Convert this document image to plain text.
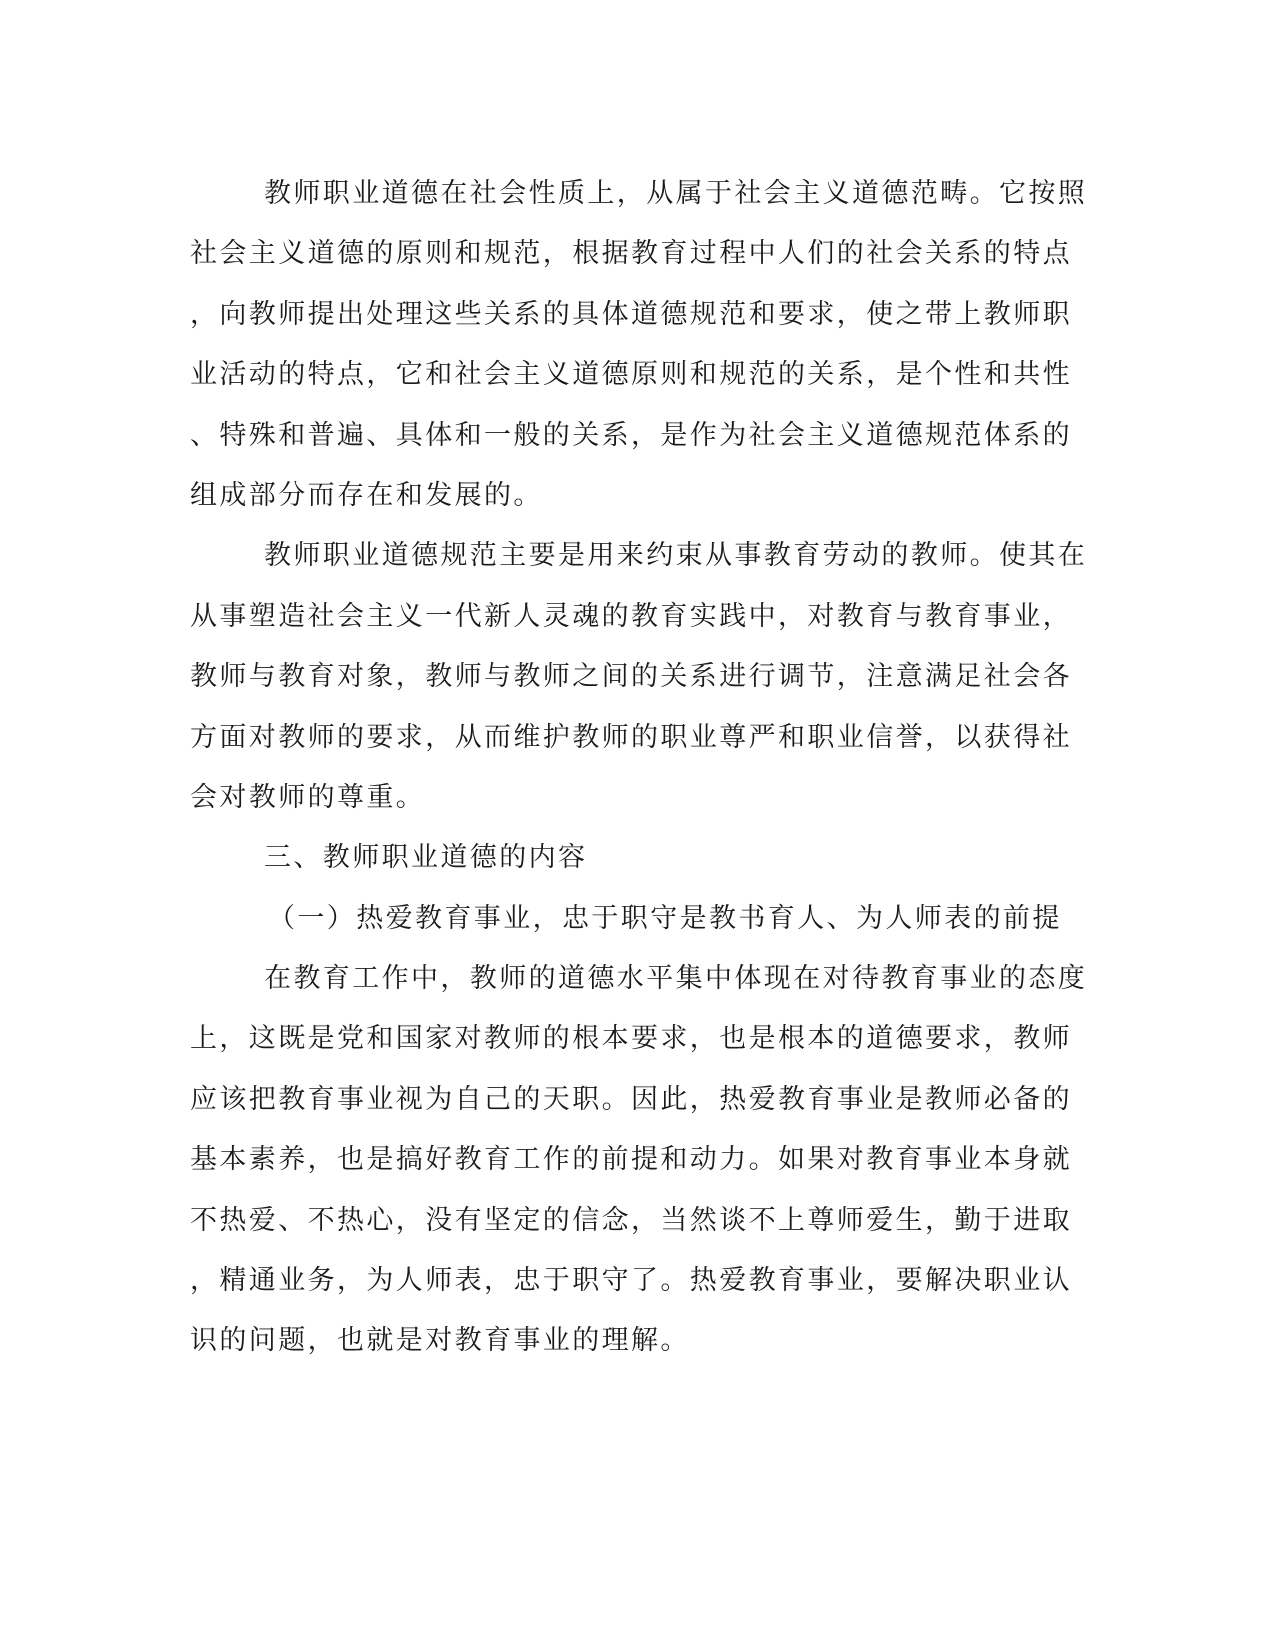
教师职业道德在社会性质上，从属于社会主义道德范畴。它按照
社会主义道德的原则和规范，根据教育过程中人们的社会关系的特点
，向教师提出处理这些关系的具体道德规范和要求，使之带上教师职
业活动的特点，它和社会主义道德原则和规范的关系，是个性和共性
、特殊和普遍、具体和一般的关系，是作为社会主义道德规范体系的
组成部分而存在和发展的。
教师职业道德规范主要是用来约束从事教育劳动的教师。使其在
从事塑造社会主义一代新人灵魂的教育实践中，对教育与教育事业，
教师与教育对象，教师与教师之间的关系进行调节，注意满足社会各
方面对教师的要求，从而维护教师的职业尊严和职业信誉，以获得社
会对教师的尊重。
三、教师职业道德的内容
（一）热爱教育事业，忠于职守是教书育人、为人师表的前提
在教育工作中，教师的道德水平集中体现在对待教育事业的态度
上，这既是党和国家对教师的根本要求，也是根本的道德要求，教师
应该把教育事业视为自己的天职。因此，热爱教育事业是教师必备的
基本素养，也是搞好教育工作的前提和动力。如果对教育事业本身就
不热爱、不热心，没有坚定的信念，当然谈不上尊师爱生，勤于进取
，精通业务，为人师表，忠于职守了。热爱教育事业，要解决职业认
识的问题，也就是对教育事业的理解。
